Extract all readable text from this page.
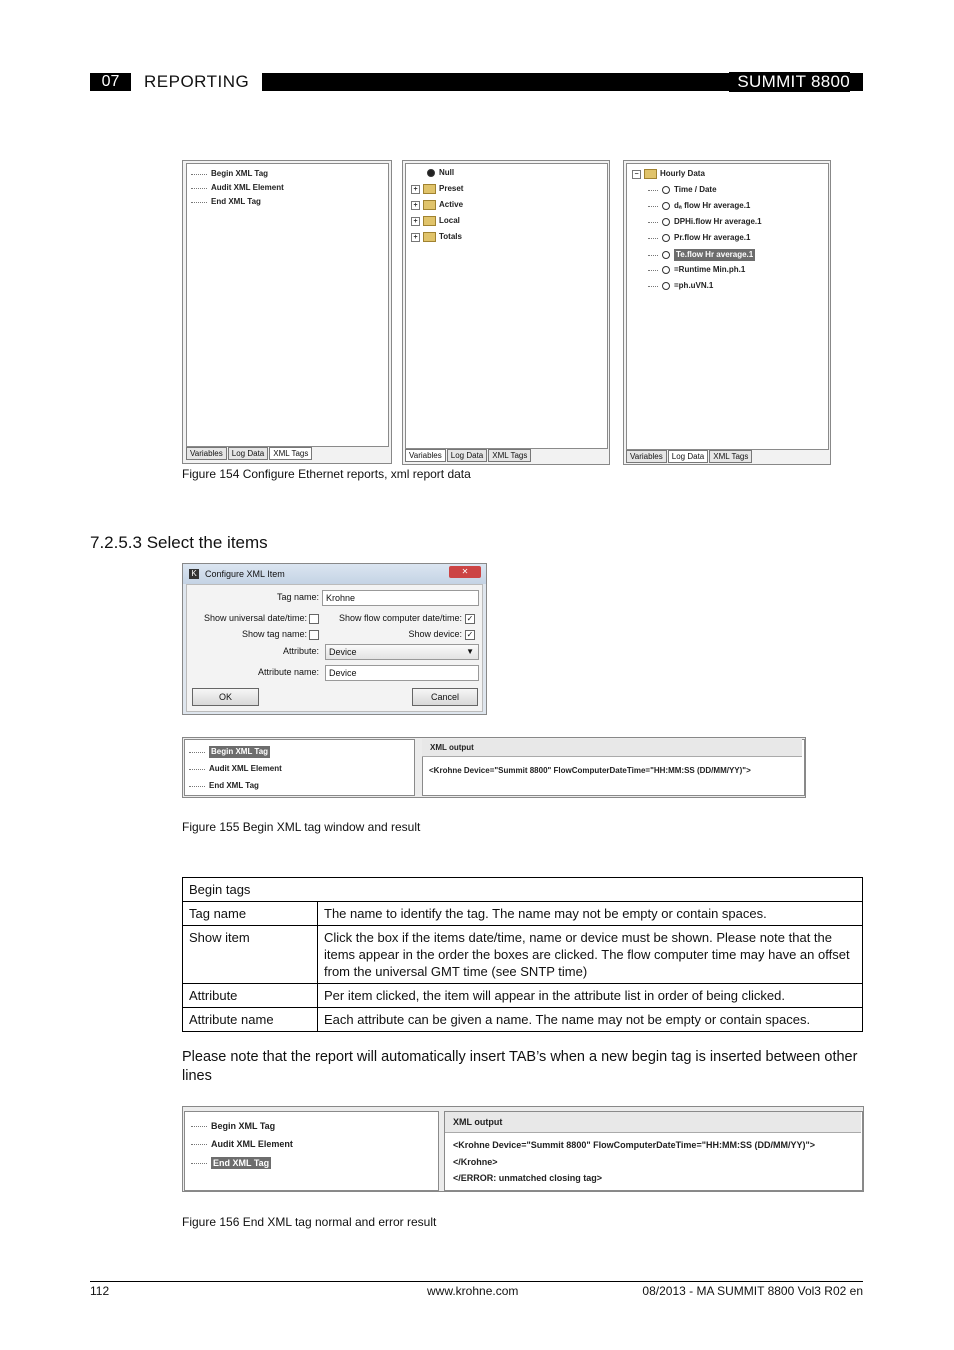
07	REPORTING	SUMMIT 8800
Begin XML Tag
Audit XML Element
End XML Tag
Variables	Log Data	XML Tags
Null
+	Preset
+	Active
+	Local
+	Totals
Variables	Log Data	XML Tags
−	Hourly Data
Time / Date
dₐ flow Hr average.1
DPHi.flow Hr average.1
Pr.flow Hr average.1
Te.flow Hr average.1
=Runtime Min.ph.1
=ph.uVN.1
Variables	Log Data	XML Tags
Figure 154 Configure Ethernet reports, xml report data
7.2.5.3 Select the items
K Configure XML Item	✕
Tag name: Krohne
Show universal date/time:	Show flow computer date/time: ✓
Show tag name:	Show device: ✓
Attribute:	Device	▼
Attribute name:	Device
OK	Cancel
Begin XML Tag
Audit XML Element
End XML Tag
XML output
<Krohne Device="Summit 8800" FlowComputerDateTime="HH:MM:SS (DD/MM/YY)">
Figure 155 Begin XML tag window and result
Begin tags	
Tag name	The name to identify the tag. The name may not be empty or contain spaces.
Show item	Click the box if the items date/time, name or device must be shown. Please note that the items appear in the order the boxes are clicked. The flow computer time may have an offset from the universal GMT time (see SNTP time)
Attribute	Per item clicked, the item will appear in the attribute list in order of being clicked.
Attribute name	Each attribute can be given a name. The name may not be empty or contain spaces.
Please note that the report will automatically insert TAB’s when a new begin tag is inserted between other lines
Begin XML Tag
Audit XML Element
End XML Tag
XML output
<Krohne Device="Summit 8800" FlowComputerDateTime="HH:MM:SS (DD/MM/YY)">
</Krohne>
</ERROR: unmatched closing tag>
Figure 156 End XML tag normal and error result
112	www.krohne.com	08/2013 - MA SUMMIT 8800 Vol3 R02 en
